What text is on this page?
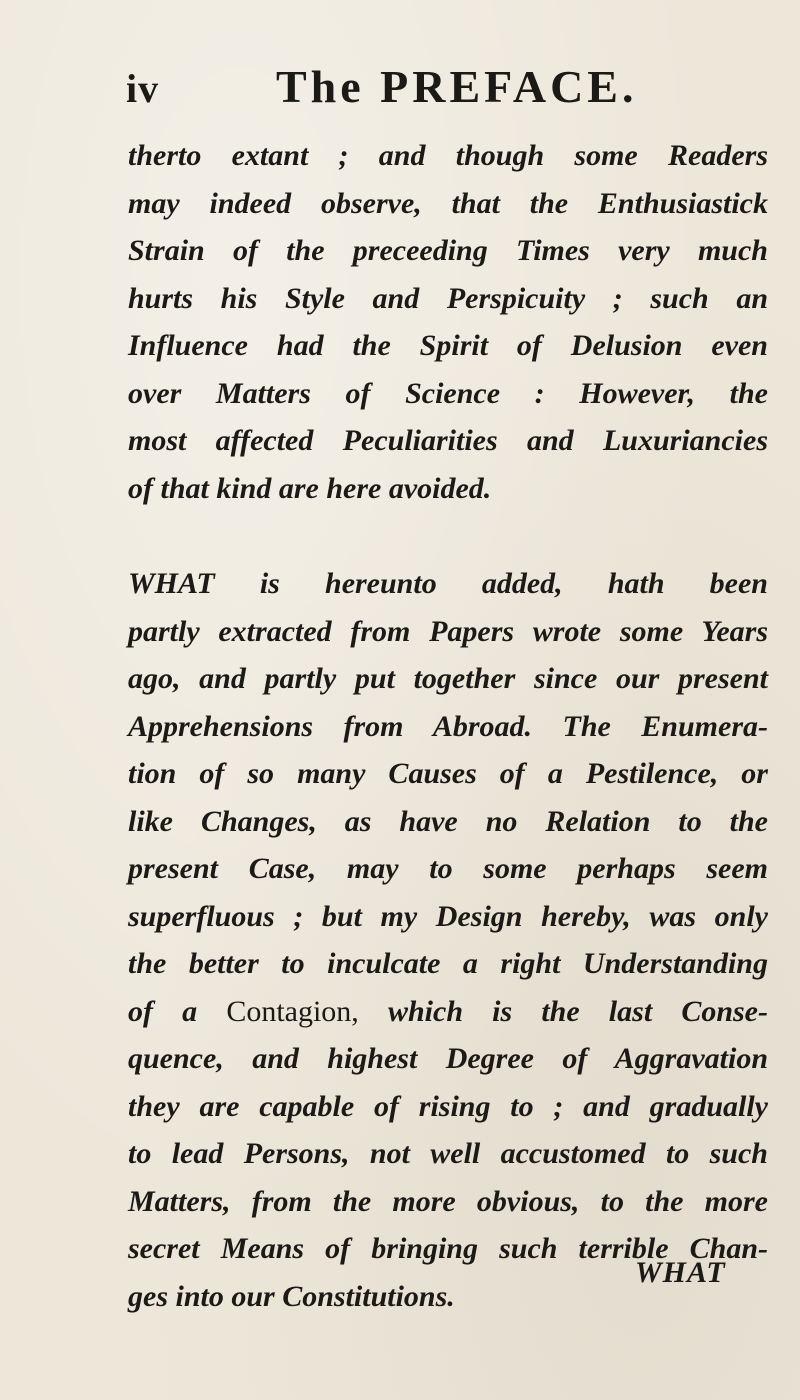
iv	The PREFACE.
therto extant ; and though some Readers
may indeed observe, that the Enthusiastick
Strain of the preceeding Times very much
hurts his Style and Perspicuity ; such an
Influence had the Spirit of Delusion even
over Matters of Science : However, the
most affected Peculiarities and Luxuriancies
of that kind are here avoided.
WHAT is hereunto added, hath been
partly extracted from Papers wrote some Years
ago, and partly put together since our present
Apprehensions from Abroad. The Enumera-
tion of so many Causes of a Pestilence, or
like Changes, as have no Relation to the
present Case, may to some perhaps seem
superfluous ; but my Design hereby, was only
the better to inculcate a right Understanding
of a Contagion, which is the last Conse-
quence, and highest Degree of Aggravation
they are capable of rising to ; and gradually
to lead Persons, not well accustomed to such
Matters, from the more obvious, to the more
secret Means of bringing such terrible Chan-
ges into our Constitutions.
WHAT
